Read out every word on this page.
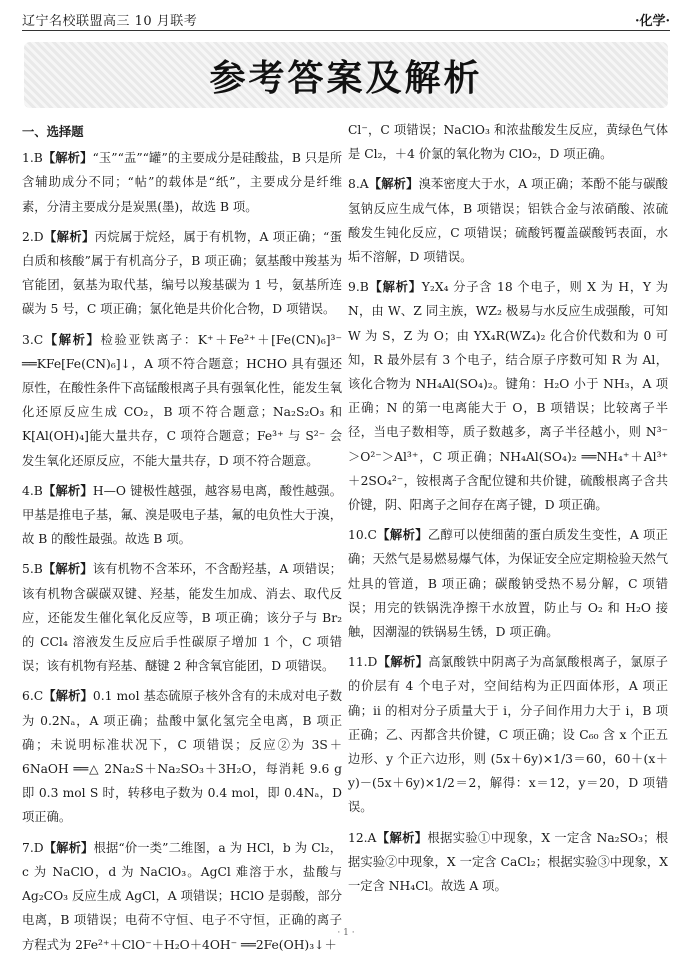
辽宁名校联盟高三 10 月联考	·化学·
参考答案及解析
一、选择题
1.B【解析】“玉”“盂”“罐”的主要成分是硅酸盐，B 只是所含辅助成分不同；“帖”的载体是“纸”，主要成分是纤维素，分清主要成分是炭黑(墨)，故选 B 项。
2.D【解析】丙烷属于烷烃，属于有机物，A 项正确；“蛋白质和核酸”属于有机高分子，B 项正确；氨基酸中羧基为官能团，氨基为取代基，编号以羧基碳为 1 号，氨基所连碳为 5 号，C 项正确；氯化铯是共价化合物，D 项错误。
3.C【解析】检验亚铁离子：K⁺＋Fe²⁺＋[Fe(CN)₆]³⁻ ══KFe[Fe(CN)₆]↓，A 项不符合题意；HCHO 具有强还原性，在酸性条件下高锰酸根离子具有强氧化性，能发生氧化还原反应生成 CO₂，B 项不符合题意；Na₂S₂O₃ 和 K[Al(OH)₄]能大量共存，C 项符合题意；Fe³⁺ 与 S²⁻ 会发生氧化还原反应，不能大量共存，D 项不符合题意。
4.B【解析】H—O 键极性越强，越容易电离，酸性越强。甲基是推电子基，氟、溴是吸电子基，氟的电负性大于溴，故 B 的酸性最强。故选 B 项。
5.B【解析】该有机物不含苯环，不含酚羟基，A 项错误；该有机物含碳碳双键、羟基，能发生加成、消去、取代反应，还能发生催化氧化反应等，B 项正确；该分子与 Br₂ 的 CCl₄ 溶液发生反应后手性碳原子增加 1 个，C 项错误；该有机物有羟基、醚键 2 种含氧官能团，D 项错误。
6.C【解析】0.1 mol 基态硫原子核外含有的未成对电子数为 0.2Nₐ，A 项正确；盐酸中氯化氢完全电离，B 项正确；未说明标准状况下，C 项错误；反应②为 3S＋6NaOH ══△ 2Na₂S＋Na₂SO₃＋3H₂O，每消耗 9.6 g 即 0.3 mol S 时，转移电子数为 0.4 mol，即 0.4Nₐ，D 项正确。
7.D【解析】根据“价一类”二维图，a 为 HCl，b 为 Cl₂，c 为 NaClO，d 为 NaClO₃。AgCl 难溶于水，盐酸与 Ag₂CO₃ 反应生成 AgCl，A 项错误；HClO 是弱酸，部分电离，B 项错误；电荷不守恒、电子不守恒，正确的离子方程式为 2Fe²⁺＋ClO⁻＋H₂O＋4OH⁻ ══2Fe(OH)₃↓＋
Cl⁻，C 项错误；NaClO₃ 和浓盐酸发生反应，黄绿色气体是 Cl₂，＋4 价氯的氧化物为 ClO₂，D 项正确。
8.A【解析】溴苯密度大于水，A 项正确；苯酚不能与碳酸氢钠反应生成气体，B 项错误；铝铁合金与浓硝酸、浓硫酸发生钝化反应，C 项错误；硫酸钙覆盖碳酸钙表面，水垢不溶解，D 项错误。
9.B【解析】Y₂X₄ 分子含 18 个电子，则 X 为 H，Y 为 N，由 W、Z 同主族，WZ₂ 极易与水反应生成强酸，可知 W 为 S，Z 为 O；由 YX₄R(WZ₄)₂ 化合价代数和为 0 可知，R 最外层有 3 个电子，结合原子序数可知 R 为 Al，该化合物为 NH₄Al(SO₄)₂。键角：H₂O 小于 NH₃，A 项正确；N 的第一电离能大于 O，B 项错误；比较离子半径，当电子数相等，质子数越多，离子半径越小，则 N³⁻＞O²⁻＞Al³⁺，C 项正确；NH₄Al(SO₄)₂ ══NH₄⁺＋Al³⁺＋2SO₄²⁻，铵根离子含配位键和共价键，硫酸根离子含共价键，阴、阳离子之间存在离子键，D 项正确。
10.C【解析】乙醇可以使细菌的蛋白质发生变性，A 项正确；天然气是易燃易爆气体，为保证安全应定期检验天然气灶具的管道，B 项正确；碳酸钠受热不易分解，C 项错误；用完的铁锅洗净擦干水放置，防止与 O₂ 和 H₂O 接触，因潮湿的铁锅易生锈，D 项正确。
11.D【解析】高氯酸铁中阴离子为高氯酸根离子，氯原子的价层有 4 个电子对，空间结构为正四面体形，A 项正确；ii 的相对分子质量大于 i，分子间作用力大于 i，B 项正确；乙、丙都含共价键，C 项正确；设 C₆₀ 含 x 个正五边形、y 个正六边形，则 (5x＋6y)×1/3＝60，60＋(x＋y)－(5x＋6y)×1/2＝2，解得：x＝12，y＝20，D 项错误。
12.A【解析】根据实验①中现象，X 一定含 Na₂SO₃；根据实验②中现象，X 一定含 CaCl₂；根据实验③中现象，X 一定含 NH₄Cl。故选 A 项。
· 1 ·
